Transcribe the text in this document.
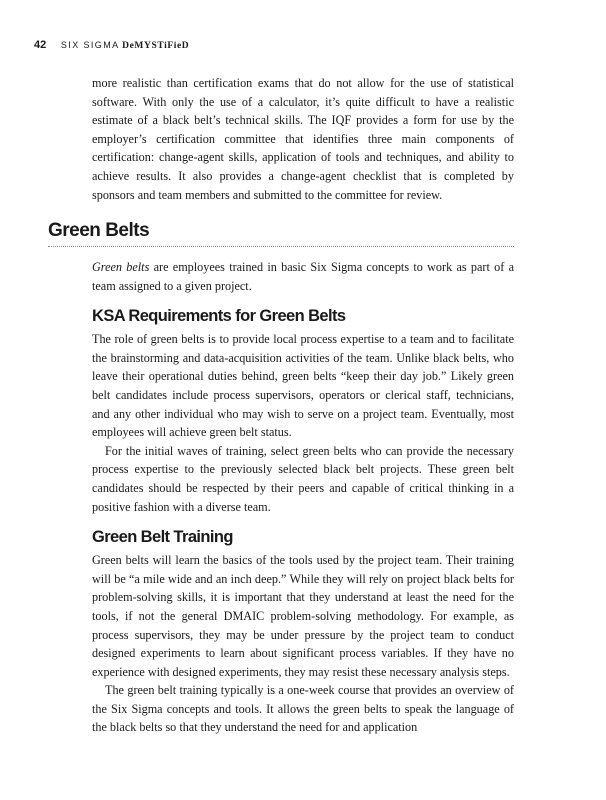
42 SIX SIGMA DeMYSTiFieD

more realistic than certification exams that do not allow for the use of statistical software. With only the use of a calculator, it’s quite difficult to have a realistic estimate of a black belt’s technical skills. The IQF provides a form for use by the employer’s certification committee that identifies three main components of certification: change-agent skills, application of tools and techniques, and ability to achieve results. It also provides a change-agent checklist that is completed by sponsors and team members and submitted to the committee for review.

Green Belts

Green belts are employees trained in basic Six Sigma concepts to work as part of a team assigned to a given project.

KSA Requirements for Green Belts

The role of green belts is to provide local process expertise to a team and to facilitate the brainstorming and data-acquisition activities of the team. Unlike black belts, who leave their operational duties behind, green belts “keep their day job.” Likely green belt candidates include process supervisors, operators or clerical staff, technicians, and any other individual who may wish to serve on a project team. Eventually, most employees will achieve green belt status.

For the initial waves of training, select green belts who can provide the necessary process expertise to the previously selected black belt projects. These green belt candidates should be respected by their peers and capable of critical thinking in a positive fashion with a diverse team.

Green Belt Training

Green belts will learn the basics of the tools used by the project team. Their training will be “a mile wide and an inch deep.” While they will rely on project black belts for problem-solving skills, it is important that they understand at least the need for the tools, if not the general DMAIC problem-solving methodology. For example, as process supervisors, they may be under pressure by the project team to conduct designed experiments to learn about significant process variables. If they have no experience with designed experiments, they may resist these necessary analysis steps.

The green belt training typically is a one-week course that provides an overview of the Six Sigma concepts and tools. It allows the green belts to speak the language of the black belts so that they understand the need for and application
